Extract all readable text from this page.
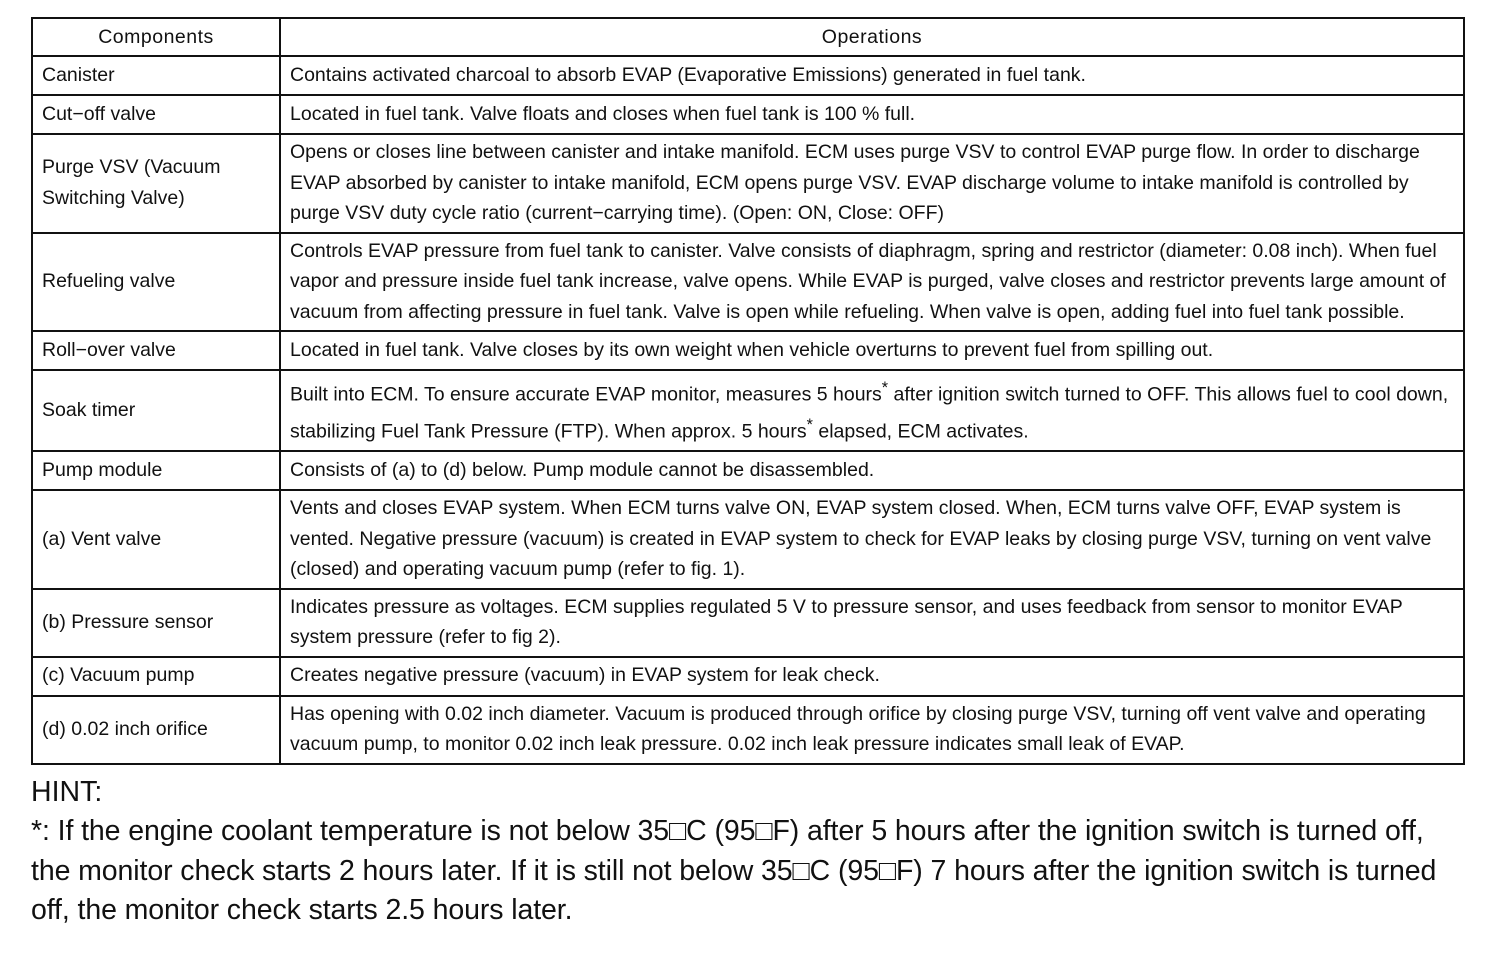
Components	Operations
Canister	Contains activated charcoal to absorb EVAP (Evaporative Emissions) generated in fuel tank.
Cut−off valve	Located in fuel tank. Valve floats and closes when fuel tank is 100 % full.
Purge VSV (Vacuum Switching Valve)	Opens or closes line between canister and intake manifold. ECM uses purge VSV to control EVAP purge flow. In order to discharge EVAP absorbed by canister to intake manifold, ECM opens purge VSV. EVAP discharge volume to intake manifold is controlled by purge VSV duty cycle ratio (current−carrying time). (Open: ON, Close: OFF)
Refueling valve	Controls EVAP pressure from fuel tank to canister. Valve consists of diaphragm, spring and restrictor (diameter: 0.08 inch). When fuel vapor and pressure inside fuel tank increase, valve opens. While EVAP is purged, valve closes and restrictor prevents large amount of vacuum from affecting pressure in fuel tank. Valve is open while refueling. When valve is open, adding fuel into fuel tank possible.
Roll−over valve	Located in fuel tank. Valve closes by its own weight when vehicle overturns to prevent fuel from spilling out.
Soak timer	Built into ECM. To ensure accurate EVAP monitor, measures 5 hours* after ignition switch turned to OFF. This allows fuel to cool down, stabilizing Fuel Tank Pressure (FTP). When approx. 5 hours* elapsed, ECM activates.
Pump module	Consists of (a) to (d) below. Pump module cannot be disassembled.
(a) Vent valve	Vents and closes EVAP system. When ECM turns valve ON, EVAP system closed. When, ECM turns valve OFF, EVAP system is vented. Negative pressure (vacuum) is created in EVAP system to check for EVAP leaks by closing purge VSV, turning on vent valve (closed) and operating vacuum pump (refer to fig. 1).
(b) Pressure sensor	Indicates pressure as voltages. ECM supplies regulated 5 V to pressure sensor, and uses feedback from sensor to monitor EVAP system pressure (refer to fig 2).
(c) Vacuum pump	Creates negative pressure (vacuum) in EVAP system for leak check.
(d) 0.02 inch orifice	Has opening with 0.02 inch diameter. Vacuum is produced through orifice by closing purge VSV, turning off vent valve and operating vacuum pump, to monitor 0.02 inch leak pressure. 0.02 inch leak pressure indicates small leak of EVAP.
HINT:
*: If the engine coolant temperature is not below 35□C (95□F) after 5 hours after the ignition switch is turned off, the monitor check starts 2 hours later. If it is still not below 35□C (95□F) 7 hours after the ignition switch is turned off, the monitor check starts 2.5 hours later.
